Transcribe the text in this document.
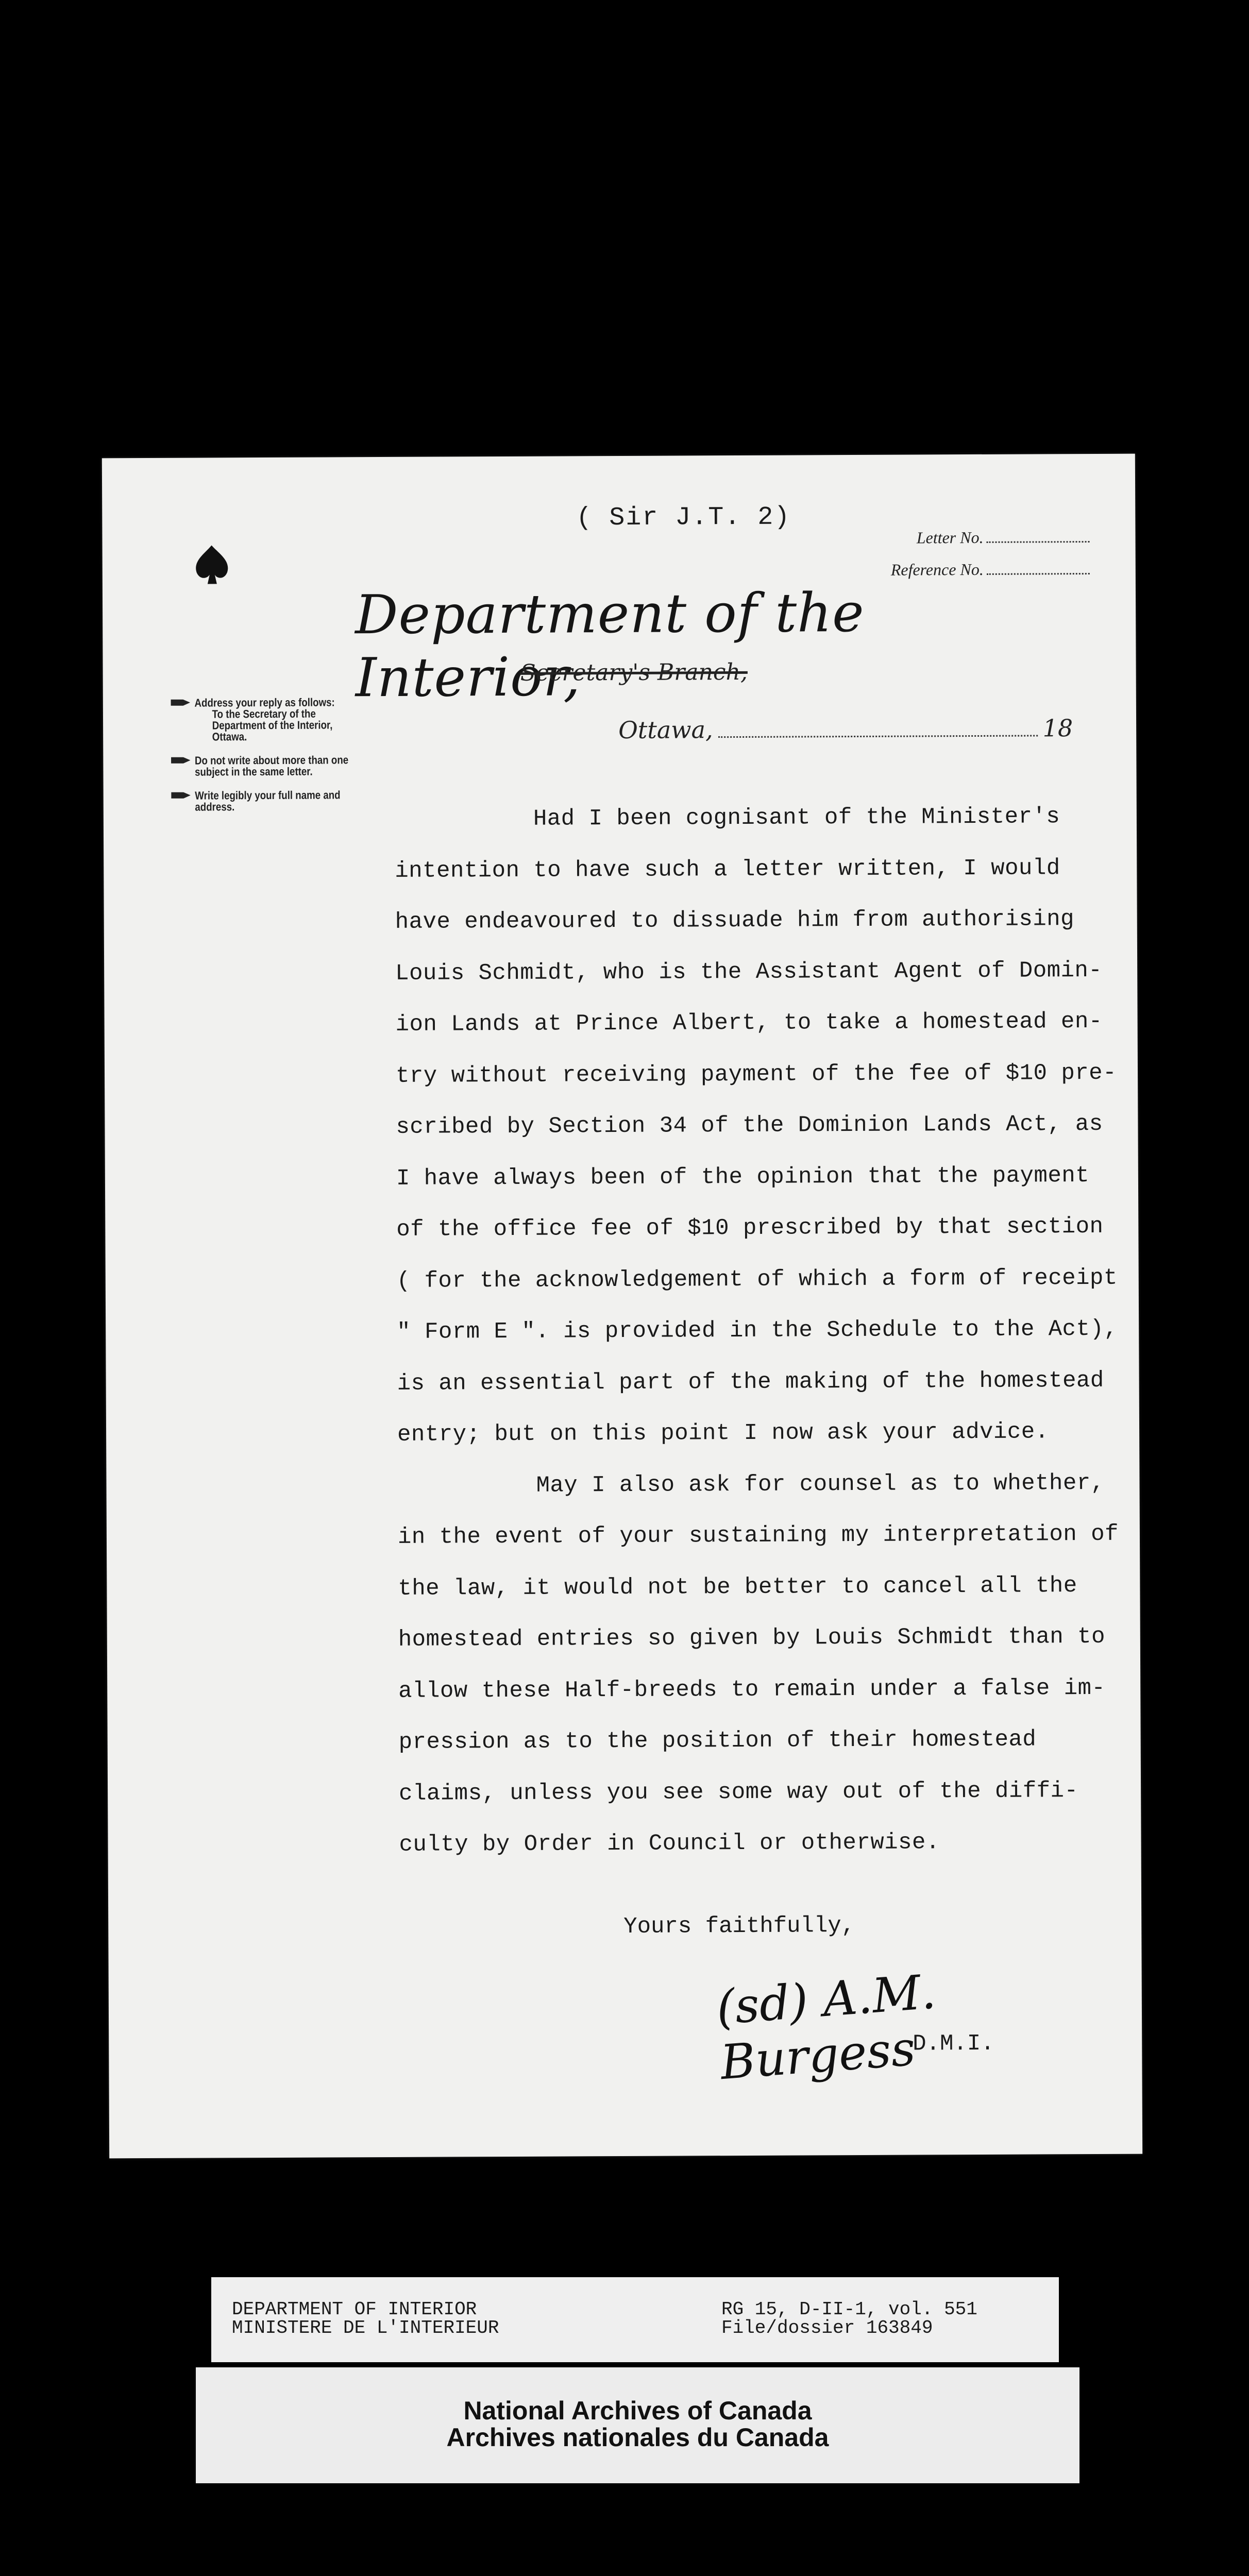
( Sir J.T. 2)
Letter No.
Reference No.
Department of the Interior,
Secretary's Branch,
Ottawa,	18
Address your reply as follows:
To the Secretary of the Department of the Interior, Ottawa.
Do not write about more than one subject in the same letter.
Write legibly your full name and address.	Had I been cognisant of the Minister's
intention to have such a letter written, I would
have endeavoured to dissuade him from authorising
Louis Schmidt, who is the Assistant Agent of Domin-
ion Lands at Prince Albert, to take a homestead en-
try without receiving payment of the fee of $10 pre-
scribed by Section 34 of the Dominion Lands Act, as
I have always been of the opinion that the payment
of the office fee of $10 prescribed by that section
( for the acknowledgement of which a form of receipt
" Form E ". is provided in the Schedule to the Act),
is an essential part of the making of the homestead
entry; but on this point I now ask your advice.
May I also ask for counsel as to whether,
in the event of your sustaining my interpretation of
the law, it would not be better to cancel all the
homestead entries so given by Louis Schmidt than to
allow these Half-breeds to remain under a false im-
pression as to the position of their homestead
claims, unless you see some way out of the diffi-
culty by Order in Council or otherwise.
Yours faithfully,
(sd) A.M. Burgess
D.M.I.
DEPARTMENT OF INTERIOR
MINISTERE DE L'INTERIEUR
RG 15, D-II-1, vol. 551
File/dossier 163849
National Archives of Canada
Archives nationales du Canada
